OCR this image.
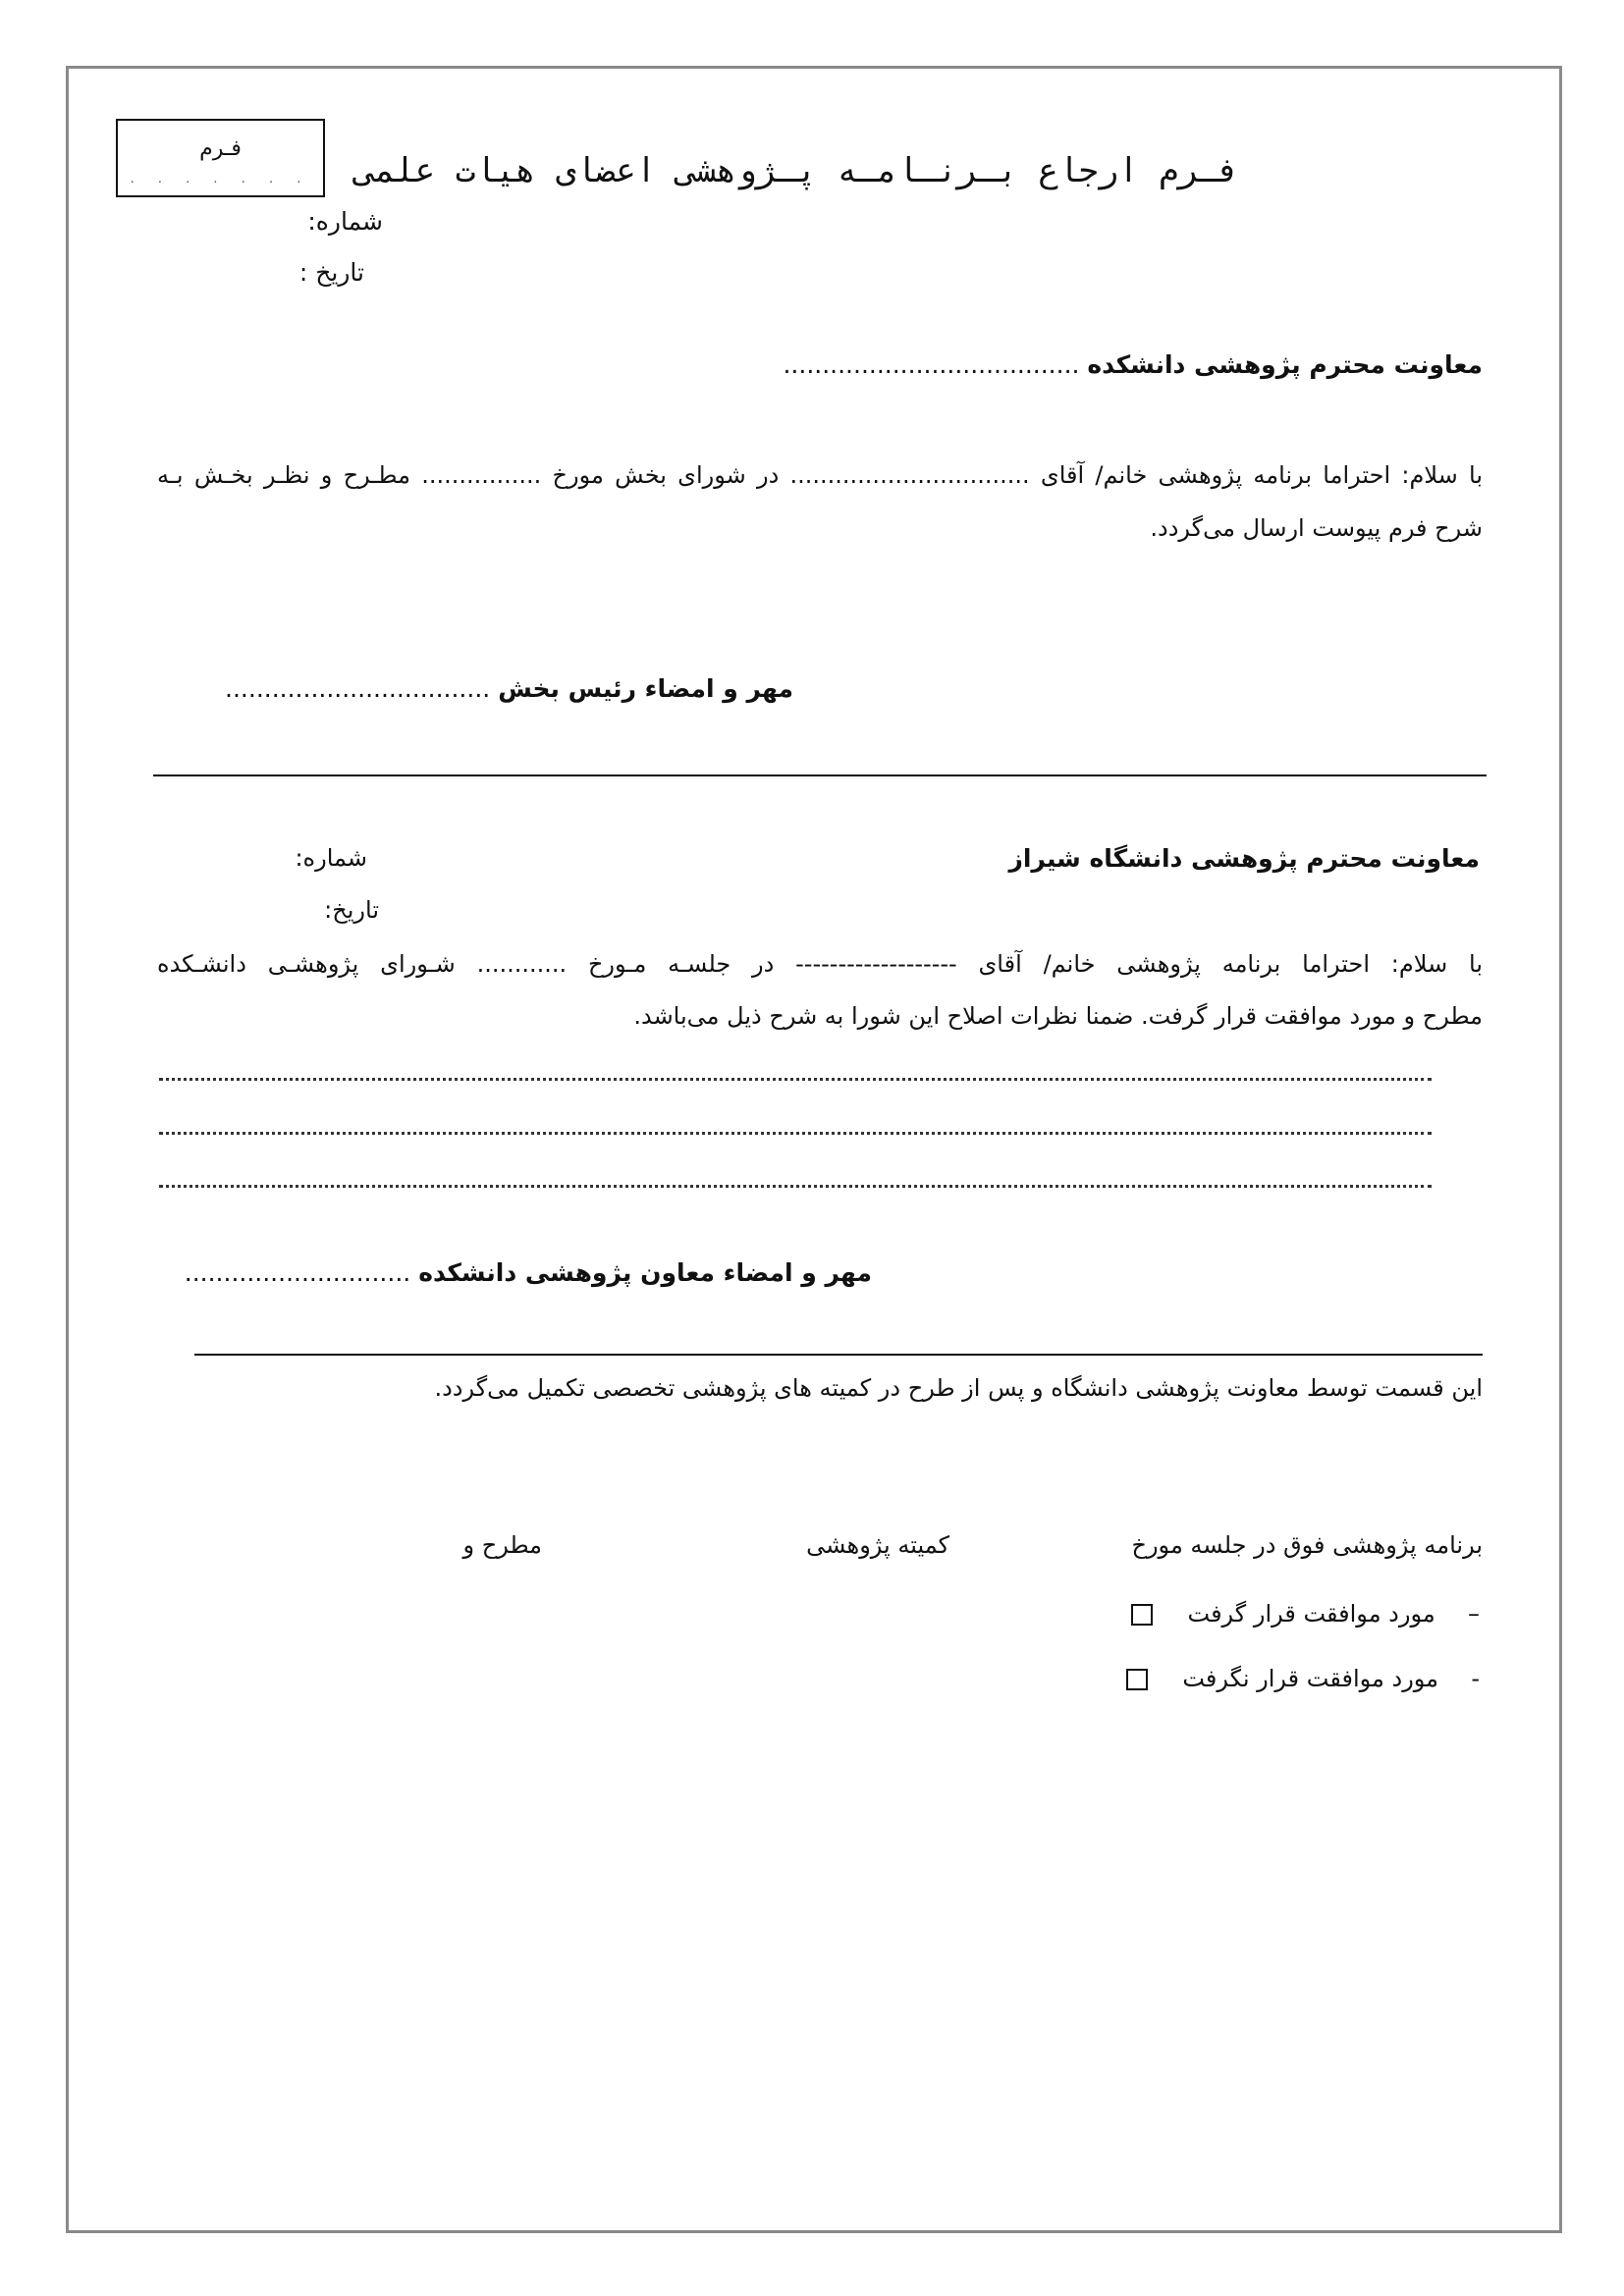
فـرم
. . . . . . .	فـرم ارجاع بـرنـامـه پـژوهشی اعضای هیات علمی
شماره:
تاریخ :
معاونت محترم پژوهشی دانشکده ......................................
با سلام: احتراما برنامه پژوهشی خانم/ آقای ................................ در شورای بخش مورخ ................ مطـرح و نظـر بخـش بـه
شرح فرم پیوست ارسال می‌گردد.
مهر و امضاء رئیس بخش ..................................
معاونت محترم پژوهشی دانشگاه شیراز
شماره:
تاریخ:
با سلام: احتراما برنامه پژوهشی خانم/ آقای ------------------- در جلسـه مـورخ ............ شـورای پژوهشـی دانشـکده
مطرح و مورد موافقت قرار گرفت. ضمنا نظرات اصلاح این شورا به شرح ذیل می‌باشد.
مهر و امضاء معاون پژوهشی دانشکده .............................
این قسمت توسط معاونت پژوهشی دانشگاه و پس از طرح در کمیته های پژوهشی تخصصی تکمیل می‌گردد.
برنامه پژوهشی فوق در جلسه مورخ
کمیته پژوهشی
مطرح و
–  مورد موافقت قرار گرفت
-  مورد موافقت قرار نگرفت
